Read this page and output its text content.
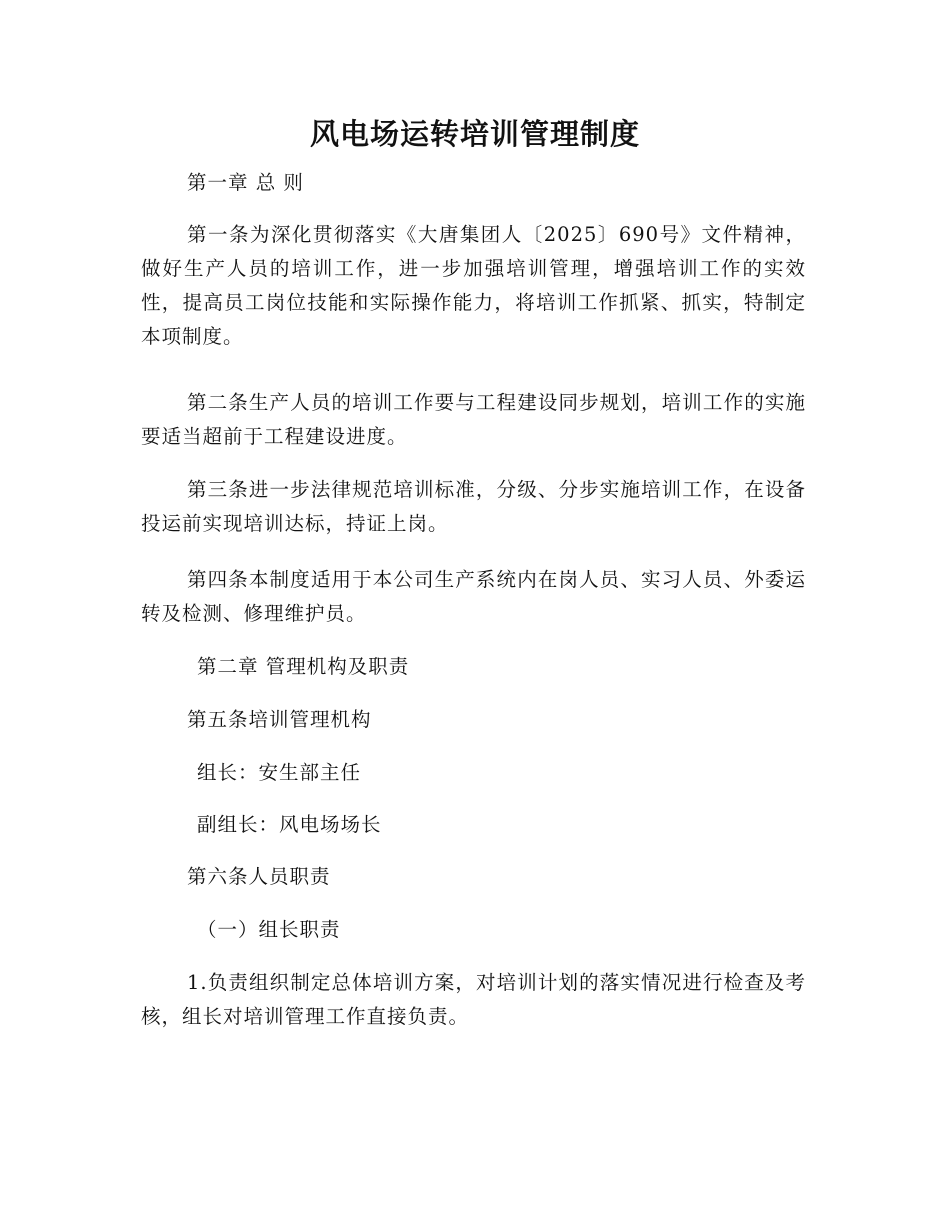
风电场运转培训管理制度

第一章 总 则

第一条为深化贯彻落实《大唐集团人〔2025〕690号》文件精神，做好生产人员的培训工作，进一步加强培训管理，增强培训工作的实效性，提高员工岗位技能和实际操作能力，将培训工作抓紧、抓实，特制定本项制度。

第二条生产人员的培训工作要与工程建设同步规划，培训工作的实施要适当超前于工程建设进度。

第三条进一步法律规范培训标准，分级、分步实施培训工作，在设备投运前实现培训达标，持证上岗。

第四条本制度适用于本公司生产系统内在岗人员、实习人员、外委运转及检测、修理维护员。

第二章 管理机构及职责

第五条培训管理机构

组长：安生部主任

副组长：风电场场长

第六条人员职责

（一）组长职责

1.负责组织制定总体培训方案，对培训计划的落实情况进行检查及考核，组长对培训管理工作直接负责。
